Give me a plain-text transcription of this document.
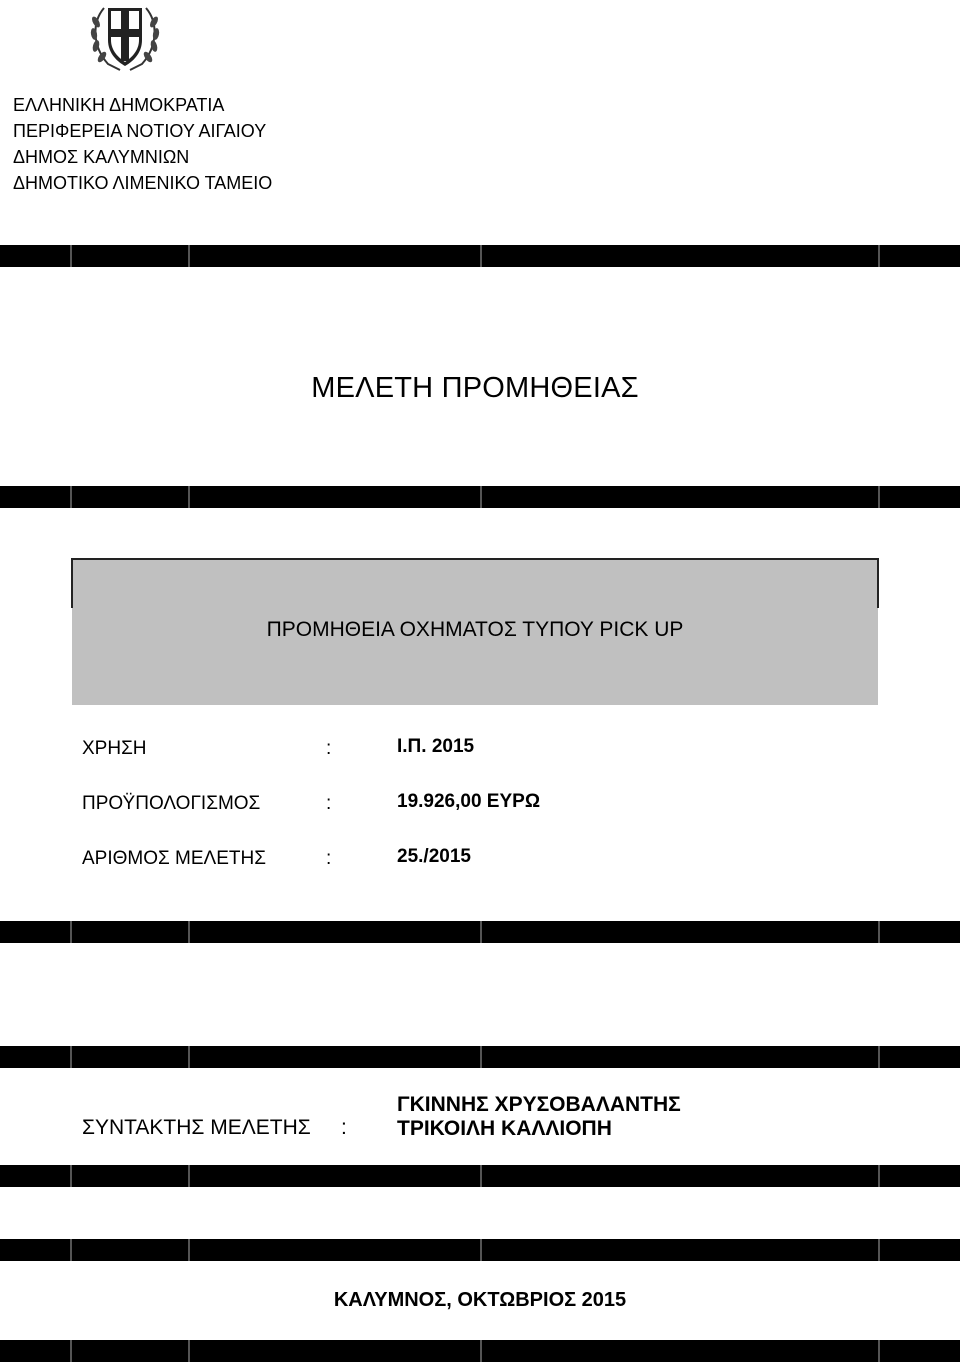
ΕΛΛΗΝΙΚΗ ΔΗΜΟΚΡΑΤΙΑ
ΠΕΡΙΦΕΡΕΙΑ ΝΟΤΙΟΥ ΑΙΓΑΙΟΥ
ΔΗΜΟΣ ΚΑΛΥΜΝΙΩΝ
ΔΗΜΟΤΙΚΟ ΛΙΜΕΝΙΚΟ ΤΑΜΕΙΟ
ΜΕΛΕΤΗ ΠΡΟΜΗΘΕΙΑΣ
ΠΡΟΜΗΘΕΙΑ ΟΧΗΜΑΤΟΣ ΤΥΠΟΥ PICK UP
ΧΡΗΣΗ	:	Ι.Π. 2015
ΠΡΟΫΠΟΛΟΓΙΣΜΟΣ	:	19.926,00 ΕΥΡΩ
ΑΡΙΘΜΟΣ ΜΕΛΕΤΗΣ	:	25./2015
ΣΥΝΤΑΚΤΗΣ ΜΕΛΕΤΗΣ :
ΓΚΙΝΝΗΣ ΧΡΥΣΟΒΑΛΑΝΤΗΣ
ΤΡΙΚΟΙΛΗ ΚΑΛΛΙΟΠΗ
ΚΑΛΥΜΝΟΣ, ΟΚΤΩΒΡΙΟΣ 2015
